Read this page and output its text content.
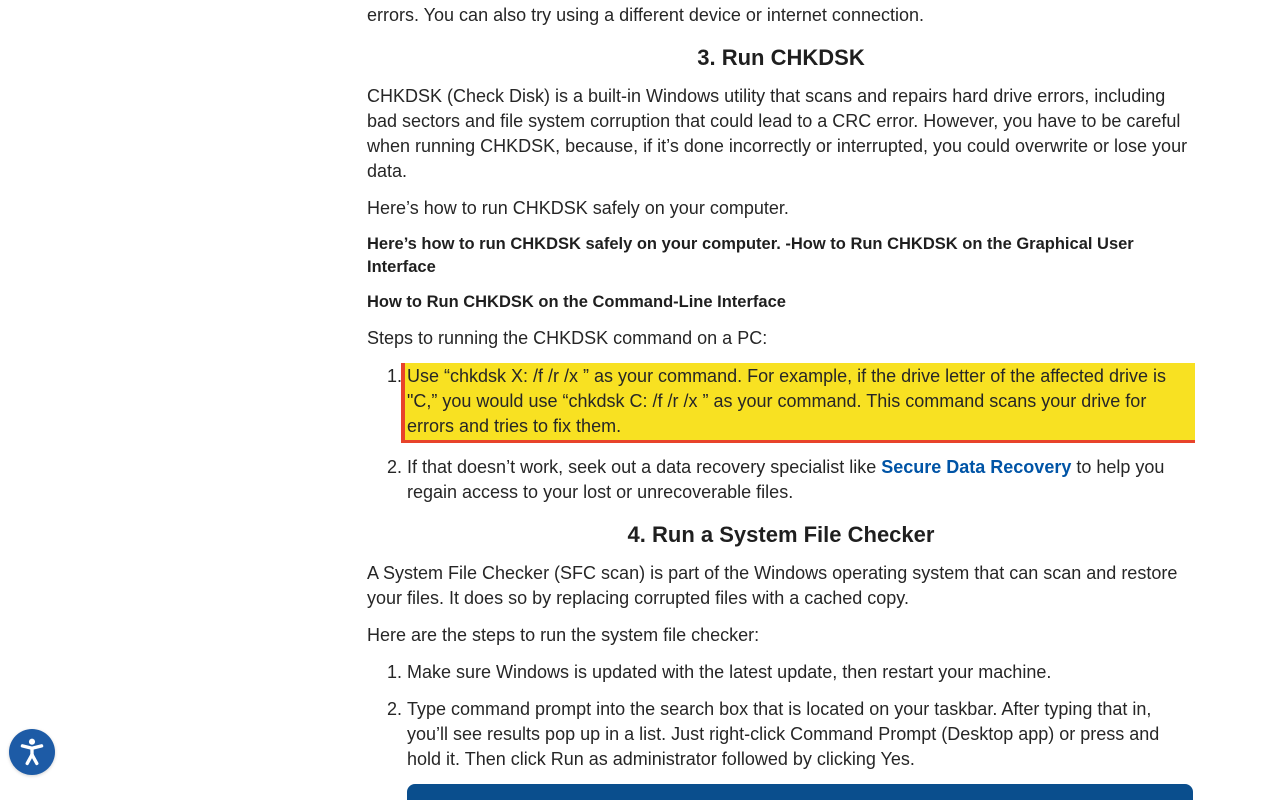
errors. You can also try using a different device or internet connection.

3. Run CHKDSK

CHKDSK (Check Disk) is a built-in Windows utility that scans and repairs hard drive errors, including bad sectors and file system corruption that could lead to a CRC error. However, you have to be careful when running CHKDSK, because, if it’s done incorrectly or interrupted, you could overwrite or lose your data.

Here’s how to run CHKDSK safely on your computer.

Here’s how to run CHKDSK safely on your computer. -How to Run CHKDSK on the Graphical User Interface

How to Run CHKDSK on the Command-Line Interface

Steps to running the CHKDSK command on a PC:

1. Use “chkdsk X: /f /r /x ” as your command. For example, if the drive letter of the affected drive is "C,” you would use “chkdsk C: /f /r /x ” as your command. This command scans your drive for errors and tries to fix them.
2. If that doesn’t work, seek out a data recovery specialist like Secure Data Recovery to help you regain access to your lost or unrecoverable files.
4. Run a System File Checker

A System File Checker (SFC scan) is part of the Windows operating system that can scan and restore your files. It does so by replacing corrupted files with a cached copy.

Here are the steps to run the system file checker:

1. Make sure Windows is updated with the latest update, then restart your machine.
2. Type command prompt into the search box that is located on your taskbar. After typing that in, you’ll see results pop up in a list. Just right-click Command Prompt (Desktop app) or press and hold it. Then click Run as administrator followed by clicking Yes.
